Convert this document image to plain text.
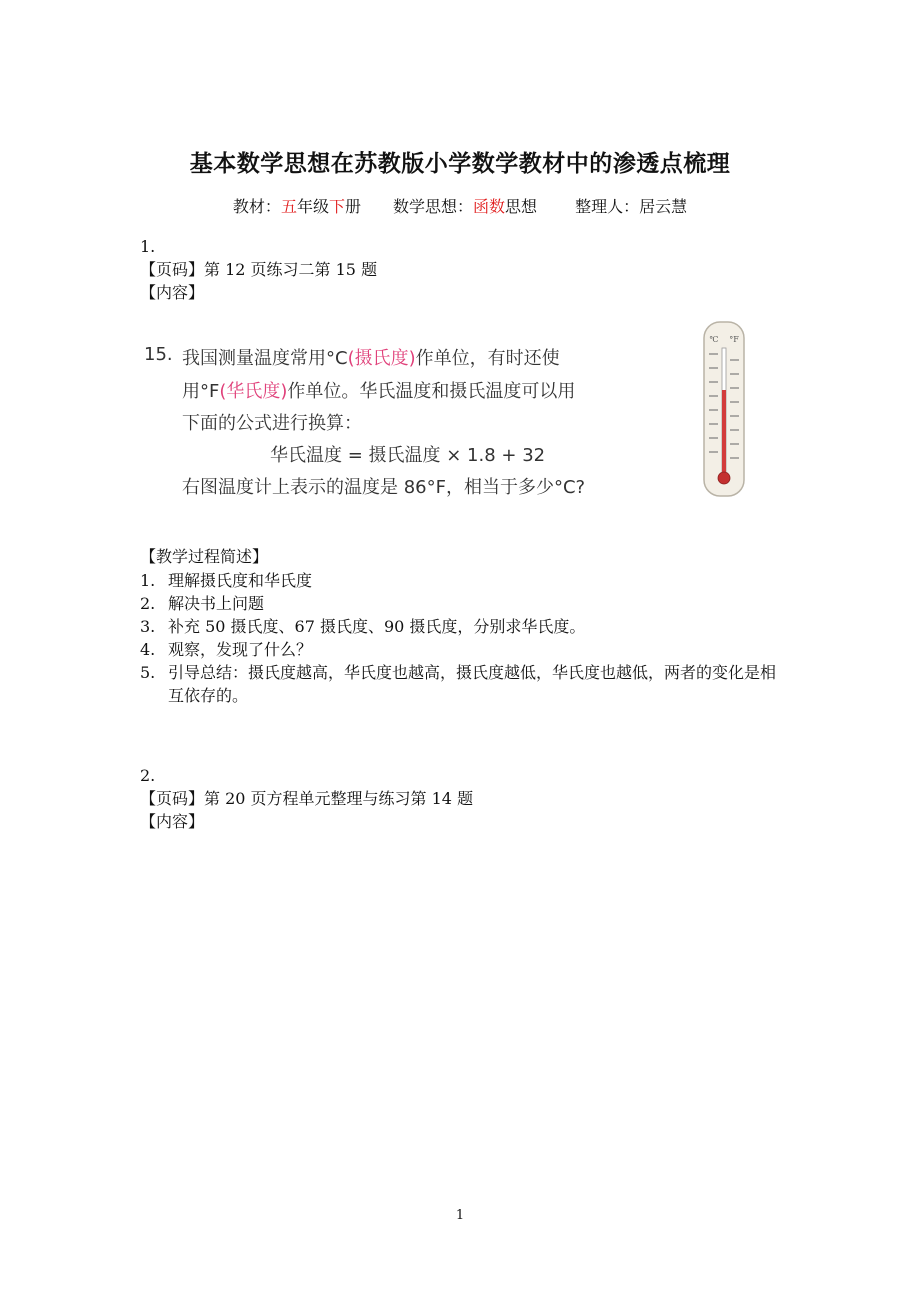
基本数学思想在苏教版小学数学教材中的渗透点梳理
教材：五年级下册 数学思想：函数思想 整理人：居云慧
1.
【页码】第 12 页练习二第 15 题
【内容】
15. 我国测量温度常用°C(摄氏度)作单位，有时还使
用°F(华氏度)作单位。华氏温度和摄氏温度可以用
下面的公式进行换算：
华氏温度 = 摄氏温度 × 1.8 + 32
右图温度计上表示的温度是 86°F，相当于多少°C?
℃ °F
【教学过程简述】
1. 理解摄氏度和华氏度
2. 解决书上问题
3. 补充 50 摄氏度、67 摄氏度、90 摄氏度，分别求华氏度。
4. 观察，发现了什么？
5. 引导总结：摄氏度越高，华氏度也越高，摄氏度越低，华氏度也越低，两者的变化是相互依存的。
2.
【页码】第 20 页方程单元整理与练习第 14 题
【内容】
1
